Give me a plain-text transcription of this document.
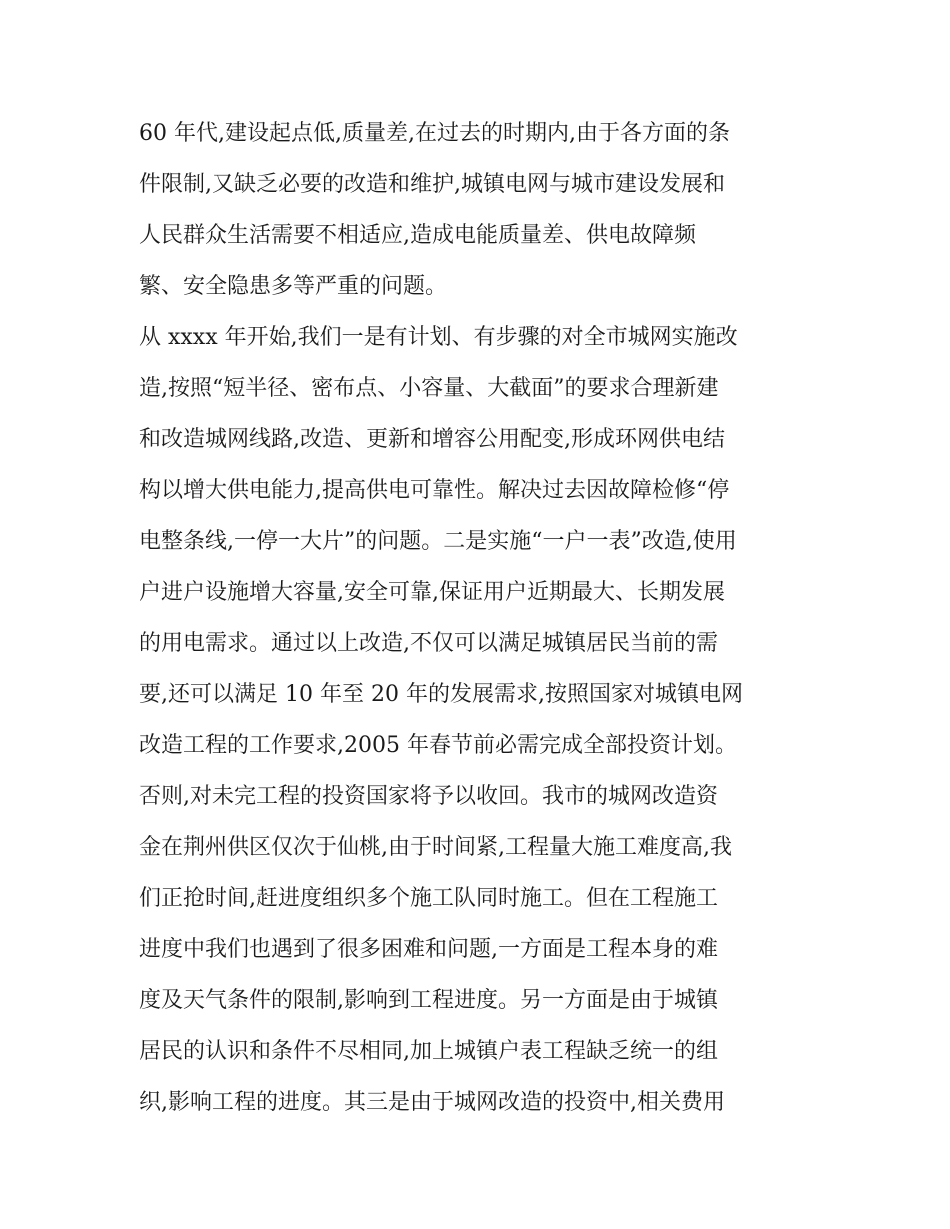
60 年代,建设起点低,质量差,在过去的时期内,由于各方面的条
件限制,又缺乏必要的改造和维护,城镇电网与城市建设发展和
人民群众生活需要不相适应,造成电能质量差、供电故障频
繁、安全隐患多等严重的问题。
从 xxxx 年开始,我们一是有计划、有步骤的对全市城网实施改
造,按照“短半径、密布点、小容量、大截面”的要求合理新建
和改造城网线路,改造、更新和增容公用配变,形成环网供电结
构以增大供电能力,提高供电可靠性。解决过去因故障检修“停
电整条线,一停一大片”的问题。二是实施“一户一表”改造,使用
户进户设施增大容量,安全可靠,保证用户近期最大、长期发展
的用电需求。通过以上改造,不仅可以满足城镇居民当前的需
要,还可以满足 10 年至 20 年的发展需求,按照国家对城镇电网
改造工程的工作要求,2005 年春节前必需完成全部投资计划。
否则,对未完工程的投资国家将予以收回。我市的城网改造资
金在荆州供区仅次于仙桃,由于时间紧,工程量大施工难度高,我
们正抢时间,赶进度组织多个施工队同时施工。但在工程施工
进度中我们也遇到了很多困难和问题,一方面是工程本身的难
度及天气条件的限制,影响到工程进度。另一方面是由于城镇
居民的认识和条件不尽相同,加上城镇户表工程缺乏统一的组
织,影响工程的进度。其三是由于城网改造的投资中,相关费用
